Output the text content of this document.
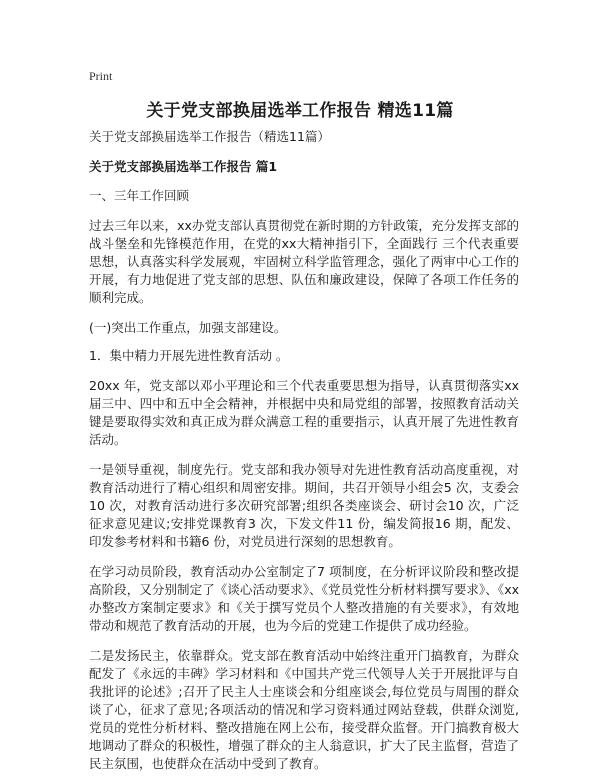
Print
关于党支部换届选举工作报告 精选11篇

关于党支部换届选举工作报告（精选11篇）

关于党支部换届选举工作报告 篇1

一、三年工作回顾

过去三年以来，xx办党支部认真贯彻党在新时期的方针政策，充分发挥支部的战斗堡垒和先锋模范作用，在党的xx大精神指引下，全面践行 三个代表重要思想，认真落实科学发展观，牢固树立科学监管理念，强化了两审中心工作的开展，有力地促进了党支部的思想、队伍和廉政建设，保障了各项工作任务的顺利完成。

(一)突出工作重点，加强支部建设。

1．集中精力开展先进性教育活动 。

20xx 年，党支部以邓小平理论和三个代表重要思想为指导，认真贯彻落实xx届三中、四中和五中全会精神，并根据中央和局党组的部署，按照教育活动关键是要取得实效和真正成为群众满意工程的重要指示，认真开展了先进性教育活动。

一是领导重视，制度先行。党支部和我办领导对先进性教育活动高度重视，对教育活动进行了精心组织和周密安排。期间，共召开领导小组会5 次，支委会10 次，对教育活动进行多次研究部署;组织各类座谈会、研讨会10 次，广泛征求意见建议;安排党课教育3 次，下发文件11 份，编发简报16 期，配发、印发参考材料和书籍6 份，对党员进行深刻的思想教育。

在学习动员阶段，教育活动办公室制定了7 项制度，在分析评议阶段和整改提高阶段，又分别制定了《谈心活动要求》、《党员党性分析材料撰写要求》、《xx办整改方案制定要求》和《关于撰写党员个人整改措施的有关要求》，有效地带动和规范了教育活动的开展，也为今后的党建工作提供了成功经验。

二是发扬民主，依靠群众。党支部在教育活动中始终注重开门搞教育，为群众配发了《永远的丰碑》学习材料和《中国共产党三代领导人关于开展批评与自我批评的论述》;召开了民主人士座谈会和分组座谈会,每位党员与周围的群众谈了心，征求了意见;各项活动的情况和学习资料通过网站登载，供群众浏览,党员的党性分析材料、整改措施在网上公布，接受群众监督。开门搞教育极大地调动了群众的积极性，增强了群众的主人翁意识，扩大了民主监督，营造了民主氛围，也使群众在活动中受到了教育。
